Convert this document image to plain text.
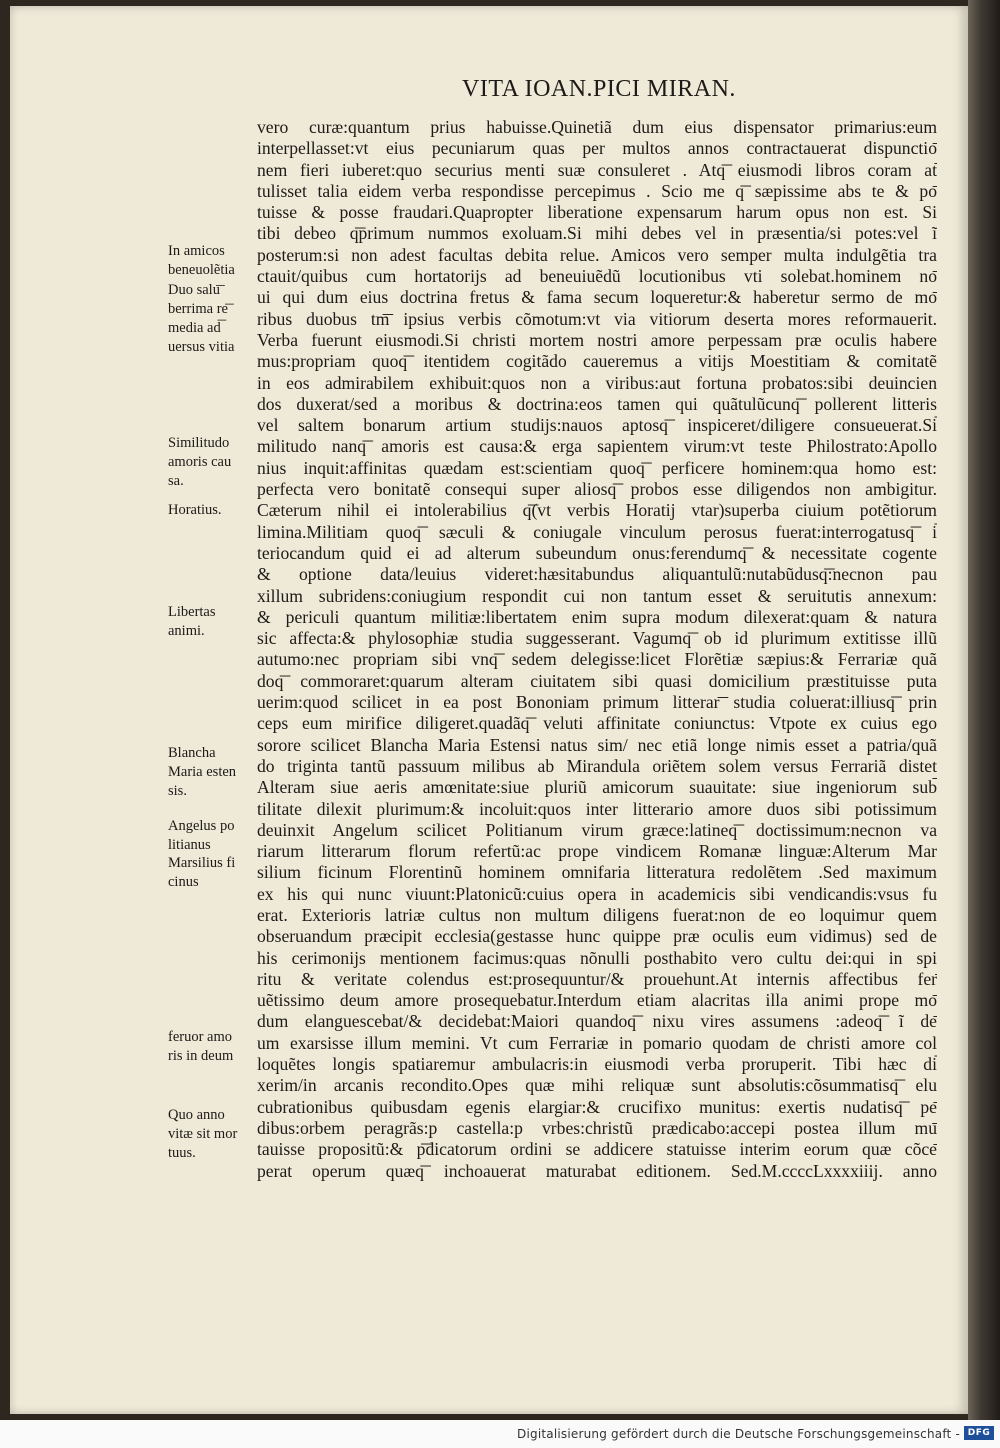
VITA IOAN.PICI MIRAN.
vero curæ:quantum prius habuisse.Quinetiã dum eius dispensator primarius:eum
interpellasset:vt eius pecuniarum quas per multos annos contractauerat dispunctio͞
nem fieri iuberet:quo securius menti suæ consuleret . Atq͞ eiusmodi libros coram at͞
tulisset talia eidem verba respondisse percepimus . Scio me q͞ sæpissime abs te & po͞
tuisse & posse fraudari.Quapropter liberatione expensarum harum opus non est. Si
tibi debeo q͞primum nummos exoluam.Si mihi debes vel in præsentia/si potes:vel ĩ
posterum:si non adest facultas debita relue. Amicos vero semper multa indulgẽtia tra
ctauit/quibus cum hortatorijs ad beneuiuẽdũ locutionibus vti solebat.hominem no͞
ui qui dum eius doctrina fretus & fama secum loqueretur:& haberetur sermo de mo͞
ribus duobus tm͞ ipsius verbis cõmotum:vt via vitiorum deserta mores reformauerit.
Verba fuerunt eiusmodi.Si christi mortem nostri amore perpessam præ oculis habere
mus:propriam quoq͞ itentidem cogitãdo caueremus a vitijs Moestitiam & comitatẽ
in eos admirabilem exhibuit:quos non a viribus:aut fortuna probatos:sibi deuincien
dos duxerat/sed a moribus & doctrina:eos tamen qui quãtulũcunq͞ pollerent litteris
vel saltem bonarum artium studijs:nauos aptosq͞ inspiceret/diligere consueuerat.Si͞
militudo nanq͞ amoris est causa:& erga sapientem virum:vt teste Philostrato:Apollo
nius inquit:affinitas quædam est:scientiam quoq͞ perficere hominem:qua homo est:
perfecta vero bonitatẽ consequi super aliosq͞ probos esse diligendos non ambigitur.
Cæterum nihil ei intolerabilius q͞(vt verbis Horatij vtar)superba ciuium potẽtiorum
limina.Militiam quoq͞ sæculi & coniugale vinculum perosus fuerat:interrogatusq͞ i͞
teriocandum quid ei ad alterum subeundum onus:ferendumq͞ & necessitate cogente
& optione data/leuius videret:hæsitabundus aliquantulũ:nutabũdusq͞:necnon pau
xillum subridens:coniugium respondit cui non tantum esset & seruitutis annexum:
& periculi quantum militiæ:libertatem enim supra modum dilexerat:quam & natura
sic affecta:& phylosophiæ studia suggesserant. Vagumq͞ ob id plurimum extitisse illũ
autumo:nec propriam sibi vnq͞ sedem delegisse:licet Florẽtiæ sæpius:& Ferrariæ quã
doq͞ commoraret:quarum alteram ciuitatem sibi quasi domicilium præstituisse puta
uerim:quod scilicet in ea post Bononiam primum litterar͞ studia coluerat:illiusq͞ prin
ceps eum mirifice diligeret.quadãq͞ veluti affinitate coniunctus: Vtpote ex cuius ego
sorore scilicet Blancha Maria Estensi natus sim/ nec etiã longe nimis esset a patria/quã
do triginta tantũ passuum milibus ab Mirandula oriẽtem solem versus Ferrariã distet
Alteram siue aeris amœnitate:siue pluriũ amicorum suauitate: siue ingeniorum sub͞
tilitate dilexit plurimum:& incoluit:quos inter litterario amore duos sibi potissimum
deuinxit Angelum scilicet Politianum virum græce:latineq͞ doctissimum:necnon va
riarum litterarum florum refertũ:ac prope vindicem Romanæ linguæ:Alterum Mar
silium ficinum Florentinũ hominem omnifaria litteratura redolẽtem .Sed maximum
ex his qui nunc viuunt:Platonicũ:cuius opera in academicis sibi vendicandis:vsus fu
erat. Exterioris latriæ cultus non multum diligens fuerat:non de eo loquimur quem
obseruandum præcipit ecclesia(gestasse hunc quippe præ oculis eum vidimus) sed de
his cerimonijs mentionem facimus:quas nõnulli posthabito vero cultu dei:qui in spi
ritu & veritate colendus est:prosequuntur/& prouehunt.At internis affectibus fer͞
uẽtissimo deum amore prosequebatur.Interdum etiam alacritas illa animi prope mo͞
dum elanguescebat/& decidebat:Maiori quandoq͞ nixu vires assumens :adeoq͞ ĩ de͞
um exarsisse illum memini. Vt cum Ferrariæ in pomario quodam de christi amore col
loquẽtes longis spatiaremur ambulacris:in eiusmodi verba proruperit. Tibi hæc di͞
xerim/in arcanis recondito.Opes quæ mihi reliquæ sunt absolutis:cõsummatisq͞ elu
cubrationibus quibusdam egenis elargiar:& crucifixo munitus: exertis nudatisq͞ pe͞
dibus:orbem peragrãs:p castella:p vrbes:christũ prædicabo:accepi postea illum mu͞
tauisse propositũ:& p͞dicatorum ordini se addicere statuisse interim eorum quæ cõce͞
perat operum quæq͞ inchoauerat maturabat editionem. Sed.M.ccccLxxxxiiij. anno
In amicos
beneuolẽtia
Duo salu͞
berrima re͞
media ad͞
uersus vitia
Similitudo
amoris cau
sa.
Horatius.
Libertas
animi.
Blancha
Maria esten
sis.
Angelus po
litianus
Marsilius fi
cinus
feruor amo
ris in deum
Quo anno
vitæ sit mor
tuus.
Digitalisierung gefördert durch die Deutsche Forschungsgemeinschaft - DFG
